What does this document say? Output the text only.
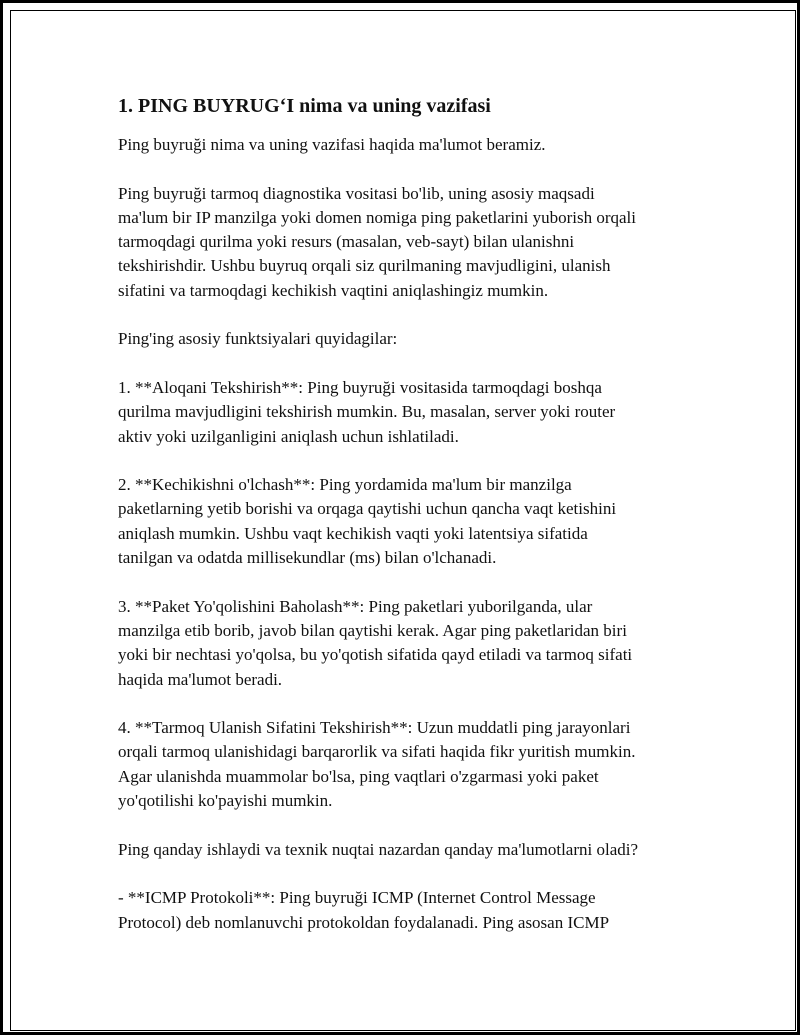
1. PING BUYRUGʻI nima va uning vazifasi
Ping buyruği nima va uning vazifasi haqida ma'lumot beramiz.
Ping buyruği tarmoq diagnostika vositasi bo'lib, uning asosiy maqsadi
ma'lum bir IP manzilga yoki domen nomiga ping paketlarini yuborish orqali
tarmoqdagi qurilma yoki resurs (masalan, veb-sayt) bilan ulanishni
tekshirishdir. Ushbu buyruq orqali siz qurilmaning mavjudligini, ulanish
sifatini va tarmoqdagi kechikish vaqtini aniqlashingiz mumkin.
Ping'ing asosiy funktsiyalari quyidagilar:
1. **Aloqani Tekshirish**: Ping buyruği vositasida tarmoqdagi boshqa
qurilma mavjudligini tekshirish mumkin. Bu, masalan, server yoki router
aktiv yoki uzilganligini aniqlash uchun ishlatiladi.
2. **Kechikishni o'lchash**: Ping yordamida ma'lum bir manzilga
paketlarning yetib borishi va orqaga qaytishi uchun qancha vaqt ketishini
aniqlash mumkin. Ushbu vaqt kechikish vaqti yoki latentsiya sifatida
tanilgan va odatda millisekundlar (ms) bilan o'lchanadi.
3. **Paket Yo'qolishini Baholash**: Ping paketlari yuborilganda, ular
manzilga etib borib, javob bilan qaytishi kerak. Agar ping paketlaridan biri
yoki bir nechtasi yo'qolsa, bu yo'qotish sifatida qayd etiladi va tarmoq sifati
haqida ma'lumot beradi.
4. **Tarmoq Ulanish Sifatini Tekshirish**: Uzun muddatli ping jarayonlari
orqali tarmoq ulanishidagi barqarorlik va sifati haqida fikr yuritish mumkin.
Agar ulanishda muammolar bo'lsa, ping vaqtlari o'zgarmasi yoki paket
yo'qotilishi ko'payishi mumkin.
Ping qanday ishlaydi va texnik nuqtai nazardan qanday ma'lumotlarni oladi?
- **ICMP Protokoli**: Ping buyruği ICMP (Internet Control Message
Protocol) deb nomlanuvchi protokoldan foydalanadi. Ping asosan ICMP
